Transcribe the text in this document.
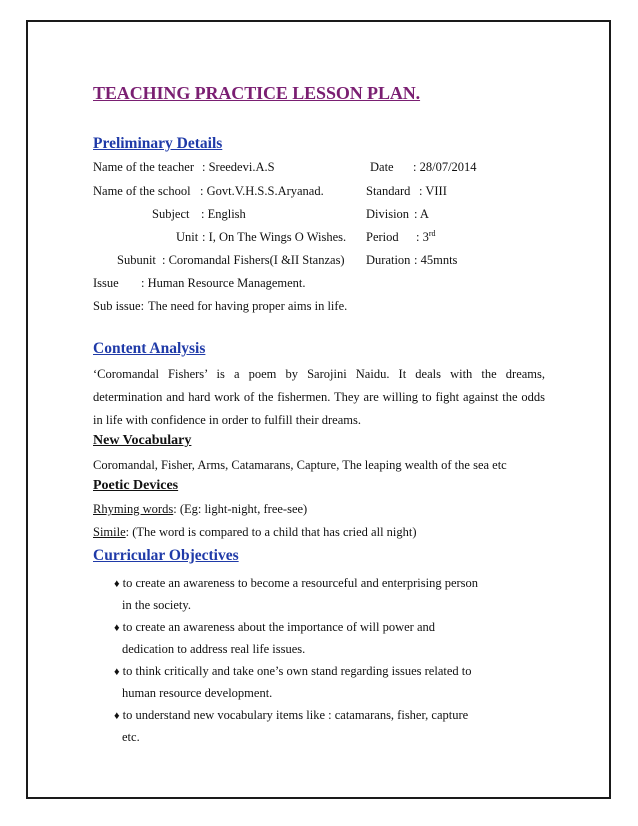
TEACHING PRACTICE LESSON PLAN.
Preliminary Details
Name of the teacher : Sreedevi.A.S	Date : 28/07/2014
Name of the school : Govt.V.H.S.S.Aryanad.	Standard : VIII
Subject : English	Division : A
Unit : I, On The Wings O Wishes. Period : 3rd
Subunit : Coromandal Fishers(I &II Stanzas) Duration : 45mnts
Issue : Human Resource Management.
Sub issue: The need for having proper aims in life.
Content Analysis
‘Coromandal Fishers’ is a poem by Sarojini Naidu. It deals with the dreams,
determination and hard work of the fishermen. They are willing to fight against the odds
in life with confidence in order to fulfill their dreams.
New Vocabulary
Coromandal, Fisher, Arms, Catamarans, Capture, The leaping wealth of the sea etc
Poetic Devices
Rhyming words: (Eg: light-night, free-see)
Simile: (The word is compared to a child that has cried all night)
Curricular Objectives
♦ to create an awareness to become a resourceful and enterprising person
in the society.
♦ to create an awareness about the importance of will power and
dedication to address real life issues.
♦ to think critically and take one’s own stand regarding issues related to
human resource development.
♦ to understand new vocabulary items like : catamarans, fisher, capture
etc.
